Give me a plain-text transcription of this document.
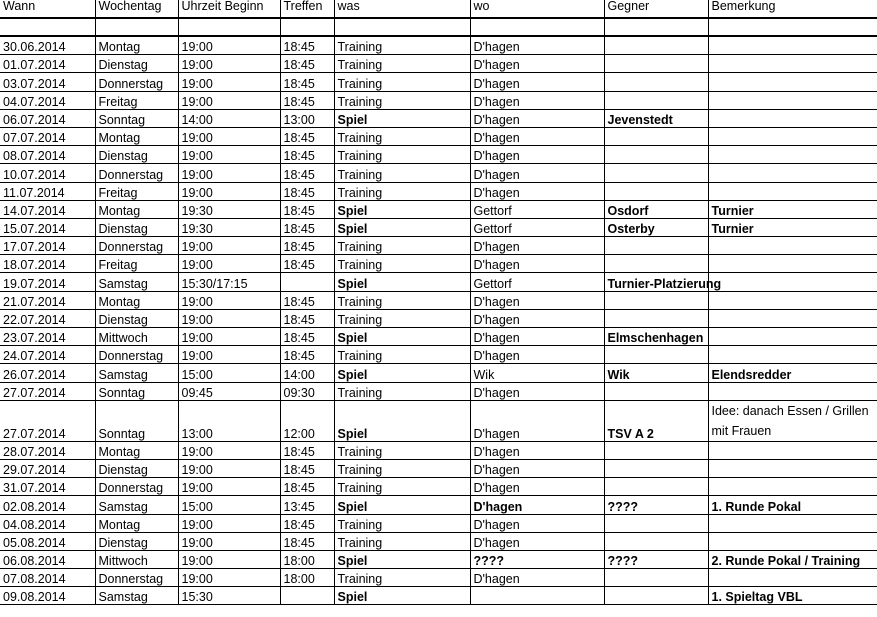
Wann	Wochentag	Uhrzeit Beginn	Treffen	was	wo	Gegner	Bemerkung

30.06.2014	Montag	19:00	18:45	Training	D'hagen		
01.07.2014	Dienstag	19:00	18:45	Training	D'hagen		
03.07.2014	Donnerstag	19:00	18:45	Training	D'hagen		
04.07.2014	Freitag	19:00	18:45	Training	D'hagen		
06.07.2014	Sonntag	14:00	13:00	Spiel	D'hagen	Jevenstedt	
07.07.2014	Montag	19:00	18:45	Training	D'hagen		
08.07.2014	Dienstag	19:00	18:45	Training	D'hagen		
10.07.2014	Donnerstag	19:00	18:45	Training	D'hagen		
11.07.2014	Freitag	19:00	18:45	Training	D'hagen		
14.07.2014	Montag	19:30	18:45	Spiel	Gettorf	Osdorf	Turnier
15.07.2014	Dienstag	19:30	18:45	Spiel	Gettorf	Osterby	Turnier
17.07.2014	Donnerstag	19:00	18:45	Training	D'hagen		
18.07.2014	Freitag	19:00	18:45	Training	D'hagen		
19.07.2014	Samstag	15:30/17:15		Spiel	Gettorf	Turnier-Platzierung	
21.07.2014	Montag	19:00	18:45	Training	D'hagen		
22.07.2014	Dienstag	19:00	18:45	Training	D'hagen		
23.07.2014	Mittwoch	19:00	18:45	Spiel	D'hagen	Elmschenhagen	
24.07.2014	Donnerstag	19:00	18:45	Training	D'hagen		
26.07.2014	Samstag	15:00	14:00	Spiel	Wik	Wik	Elendsredder
27.07.2014	Sonntag	09:45	09:30	Training	D'hagen		
27.07.2014	Sonntag	13:00	12:00	Spiel	D'hagen	TSV A 2	Idee: danach Essen / Grillen mit Frauen
28.07.2014	Montag	19:00	18:45	Training	D'hagen		
29.07.2014	Dienstag	19:00	18:45	Training	D'hagen		
31.07.2014	Donnerstag	19:00	18:45	Training	D'hagen		
02.08.2014	Samstag	15:00	13:45	Spiel	D'hagen	????	1. Runde Pokal
04.08.2014	Montag	19:00	18:45	Training	D'hagen		
05.08.2014	Dienstag	19:00	18:45	Training	D'hagen		
06.08.2014	Mittwoch	19:00	18:00	Spiel	????	????	2. Runde Pokal / Training
07.08.2014	Donnerstag	19:00	18:00	Training	D'hagen		
09.08.2014	Samstag	15:30		Spiel			1. Spieltag VBL
